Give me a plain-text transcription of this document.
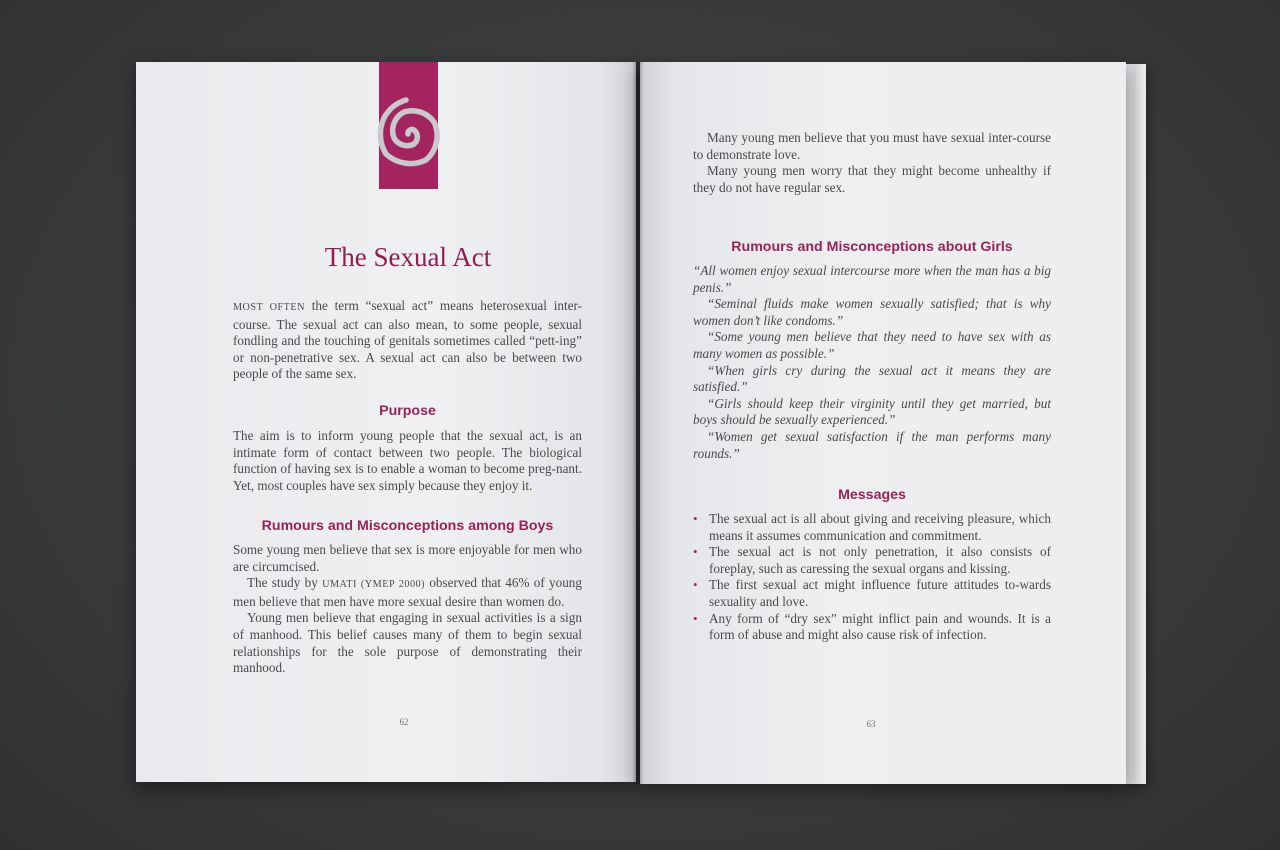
The Sexual Act

MOST OFTEN the term “sexual act” means heterosexual inter-course. The sexual act can also mean, to some people, sexual fondling and the touching of genitals sometimes called “pett-ing” or non-penetrative sex. A sexual act can also be between two people of the same sex.

Purpose

The aim is to inform young people that the sexual act, is an intimate form of contact between two people. The biological function of having sex is to enable a woman to become preg-nant. Yet, most couples have sex simply because they enjoy it.

Rumours and Misconceptions among Boys

Some young men believe that sex is more enjoyable for men who are circumcised.

The study by UMATI (YMEP 2000) observed that 46% of young men believe that men have more sexual desire than women do.

Young men believe that engaging in sexual activities is a sign of manhood. This belief causes many of them to begin sexual relationships for the sole purpose of demonstrating their manhood.

62

Many young men believe that you must have sexual inter-course to demonstrate love.

Many young men worry that they might become unhealthy if they do not have regular sex.

Rumours and Misconceptions about Girls

“All women enjoy sexual intercourse more when the man has a big penis.”

“Seminal fluids make women sexually satisfied; that is why women don’t like condoms.”

“Some young men believe that they need to have sex with as many women as possible.”

“When girls cry during the sexual act it means they are satisfied.”

“Girls should keep their virginity until they get married, but boys should be sexually experienced.”

“Women get sexual satisfaction if the man performs many rounds.”

Messages
• The sexual act is all about giving and receiving pleasure, which means it assumes communication and commitment.
• The sexual act is not only penetration, it also consists of foreplay, such as caressing the sexual organs and kissing.
• The first sexual act might influence future attitudes to-wards sexuality and love.
• Any form of “dry sex” might inflict pain and wounds. It is a form of abuse and might also cause risk of infection.
63
